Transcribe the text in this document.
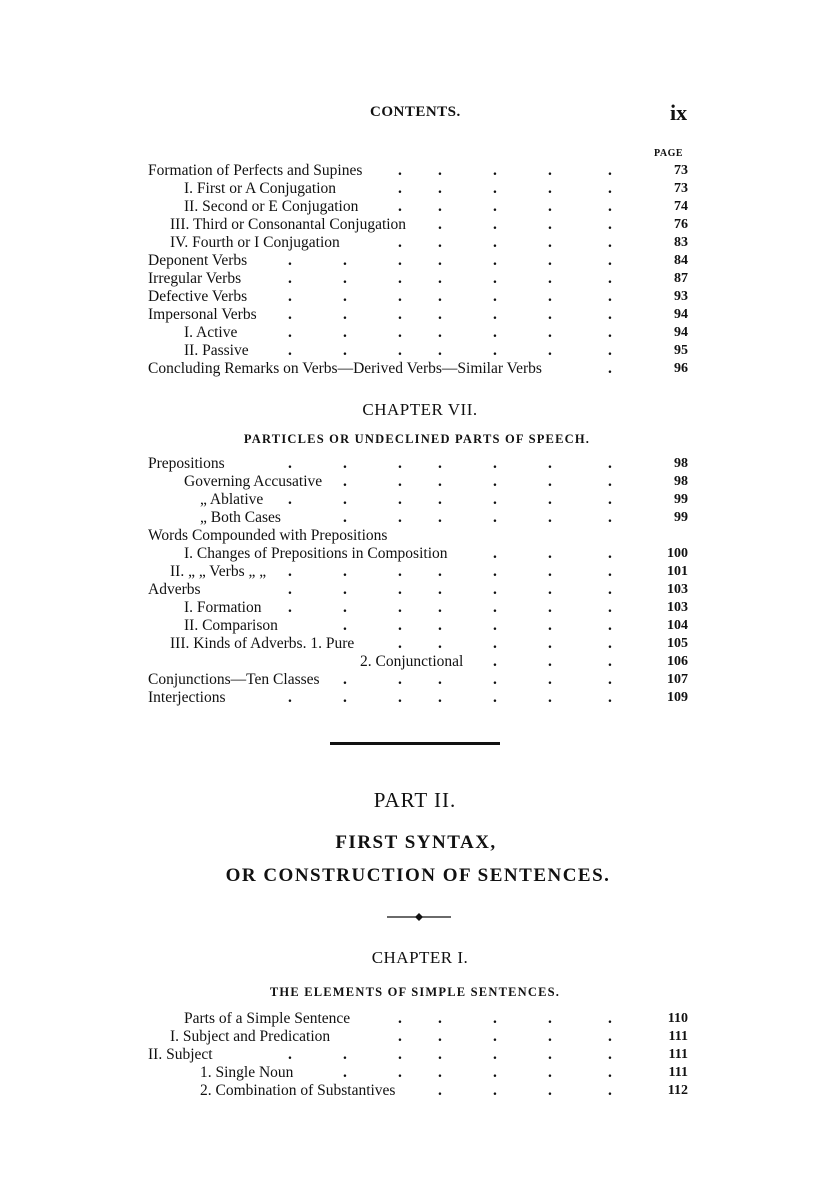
CONTENTS.	ix
PAGE
Formation of Perfects and Supines . .	.	.	.	73
I. First or A Conjugation	. .	.	.	.	73
II. Second or E Conjugation	. .	.	.	.	74
III. Third or Consonantal Conjugation .	.	.	.	76
IV. Fourth or I Conjugation	. .	.	.	.	83
Deponent Verbs	.	.	. .	.	.	.	84
Irregular Verbs	.	.	. .	.	.	.	87
Defective Verbs	.	.	. .	.	.	.	93
Impersonal Verbs .	.	. .	.	.	.	94
I. Active	.	.	. .	.	.	.	94
II. Passive	.	.	. .	.	.	.	95
Concluding Remarks on Verbs—Derived Verbs—Similar Verbs	.	96
CHAPTER VII.
PARTICLES OR UNDECLINED PARTS OF SPEECH.
Prepositions	.	.	. .	.	.	.	98
Governing Accusative .	. .	.	.	.	98
„ Ablative .	.	. .	.	.	.	99
„ Both Cases	.	. .	.	.	.	99
Words Compounded with Prepositions
I. Changes of Prepositions in Composition	.	.	.	100
II. „ „ Verbs „ „ .	.	. .	.	.	.	101
Adverbs	.	.	. .	.	.	.	103
I. Formation .	.	. .	.	.	.	103
II. Comparison	.	. .	.	.	.	104
III. Kinds of Adverbs. 1. Pure	. .	.	.	.	105
2. Conjunctional .	.	.	106
Conjunctions—Ten Classes .	. .	.	.	.	107
Interjections	.	.	. .	.	.	.	109
PART II.
FIRST SYNTAX,
OR CONSTRUCTION OF SENTENCES.
CHAPTER I.
THE ELEMENTS OF SIMPLE SENTENCES.
Parts of a Simple Sentence	. .	.	.	.	110
I. Subject and Predication	. .	.	.	.	111
II. Subject	.	.	. .	.	.	.	111
1. Single Noun	.	. .	.	.	.	111
2. Combination of Substantives	.	.	.	.	112
